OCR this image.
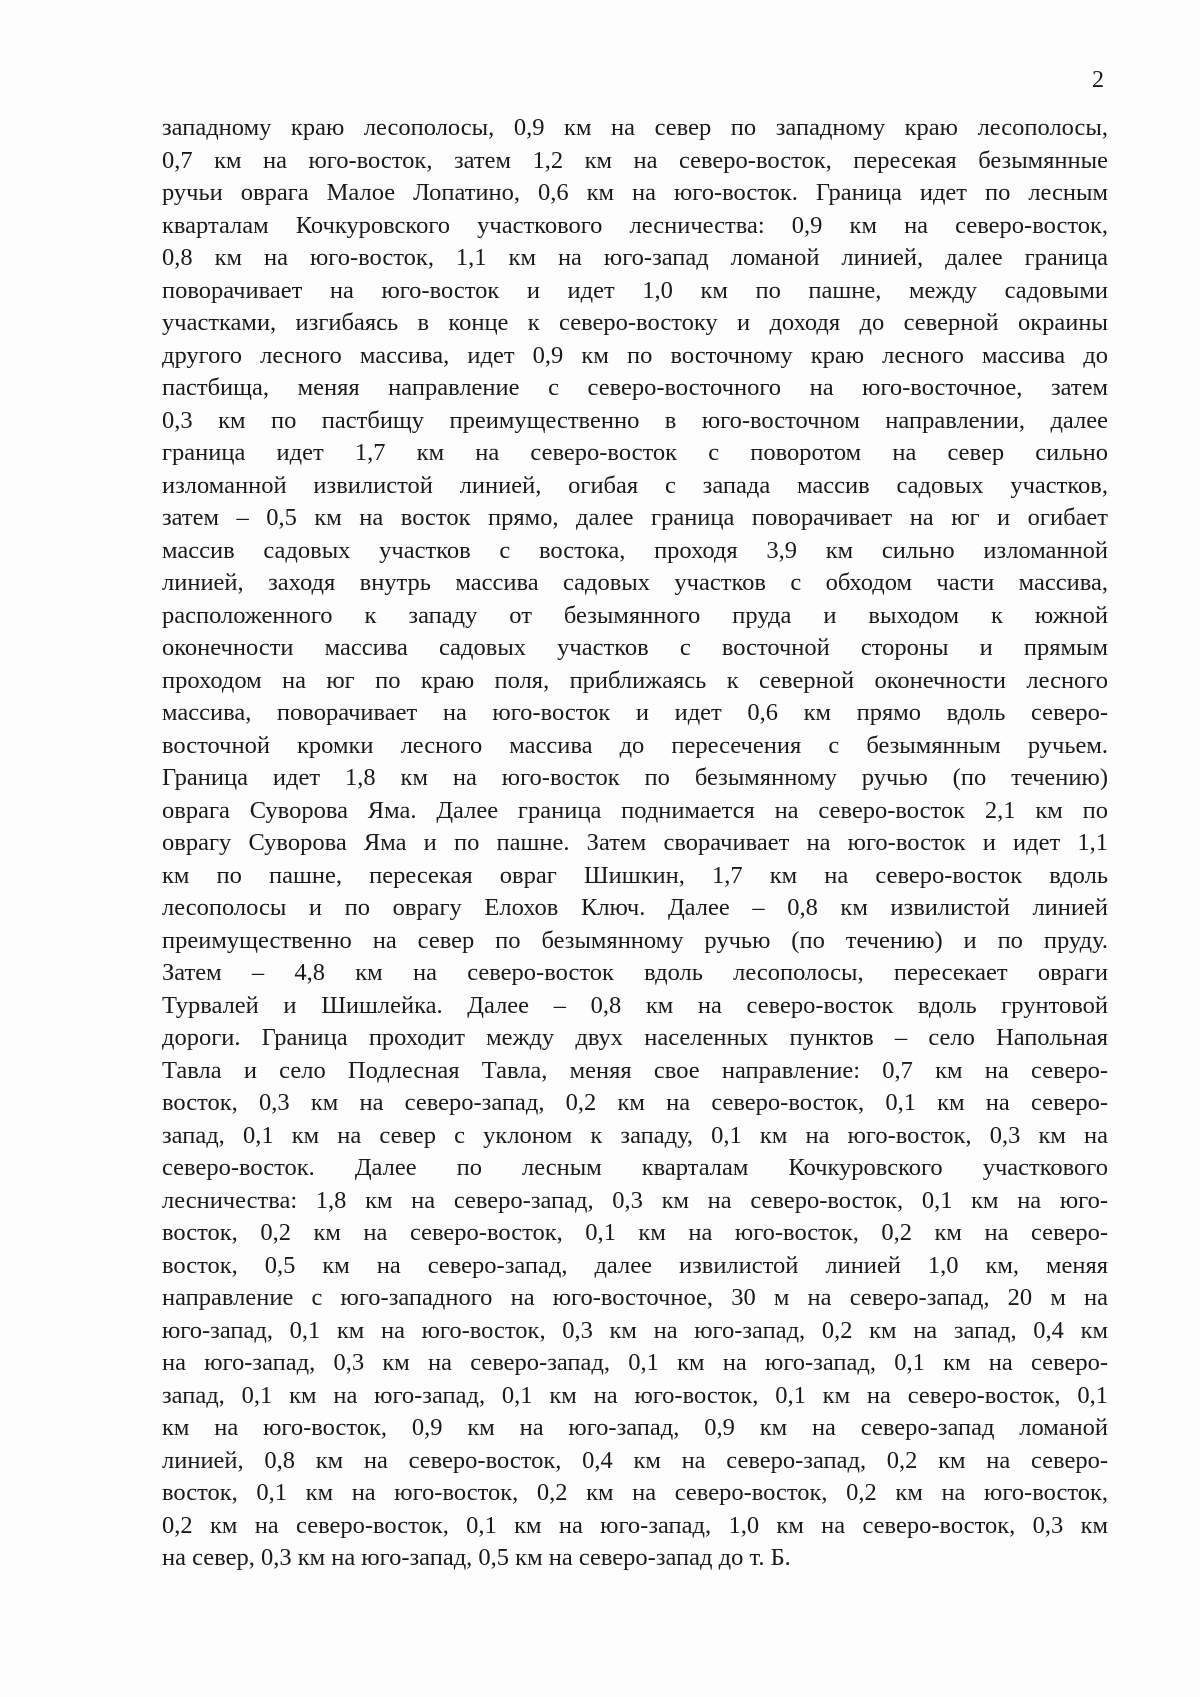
2
западному краю лесополосы, 0,9 км на север по западному краю лесополосы,
0,7 км на юго-восток, затем 1,2 км на северо-восток, пересекая безымянные
ручьи оврага Малое Лопатино, 0,6 км на юго-восток. Граница идет по лесным
кварталам Кочкуровского участкового лесничества: 0,9 км на северо-восток,
0,8 км на юго-восток, 1,1 км на юго-запад ломаной линией, далее граница
поворачивает на юго-восток и идет 1,0 км по пашне, между садовыми
участками, изгибаясь в конце к северо-востоку и доходя до северной окраины
другого лесного массива, идет 0,9 км по восточному краю лесного массива до
пастбища, меняя направление с северо-восточного на юго-восточное, затем
0,3 км по пастбищу преимущественно в юго-восточном направлении, далее
граница идет 1,7 км на северо-восток с поворотом на север сильно
изломанной извилистой линией, огибая с запада массив садовых участков,
затем – 0,5 км на восток прямо, далее граница поворачивает на юг и огибает
массив садовых участков с востока, проходя 3,9 км сильно изломанной
линией, заходя внутрь массива садовых участков с обходом части массива,
расположенного к западу от безымянного пруда и выходом к южной
оконечности массива садовых участков с восточной стороны и прямым
проходом на юг по краю поля, приближаясь к северной оконечности лесного
массива, поворачивает на юго-восток и идет 0,6 км прямо вдоль северо-
восточной кромки лесного массива до пересечения с безымянным ручьем.
Граница идет 1,8 км на юго-восток по безымянному ручью (по течению)
оврага Суворова Яма. Далее граница поднимается на северо-восток 2,1 км по
оврагу Суворова Яма и по пашне. Затем сворачивает на юго-восток и идет 1,1
км по пашне, пересекая овраг Шишкин, 1,7 км на северо-восток вдоль
лесополосы и по оврагу Елохов Ключ. Далее – 0,8 км извилистой линией
преимущественно на север по безымянному ручью (по течению) и по пруду.
Затем – 4,8 км на северо-восток вдоль лесополосы, пересекает овраги
Турвалей и Шишлейка. Далее – 0,8 км на северо-восток вдоль грунтовой
дороги. Граница проходит между двух населенных пунктов – село Напольная
Тавла и село Подлесная Тавла, меняя свое направление: 0,7 км на северо-
восток, 0,3 км на северо-запад, 0,2 км на северо-восток, 0,1 км на северо-
запад, 0,1 км на север с уклоном к западу, 0,1 км на юго-восток, 0,3 км на
северо-восток. Далее по лесным кварталам Кочкуровского участкового
лесничества: 1,8 км на северо-запад, 0,3 км на северо-восток, 0,1 км на юго-
восток, 0,2 км на северо-восток, 0,1 км на юго-восток, 0,2 км на северо-
восток, 0,5 км на северо-запад, далее извилистой линией 1,0 км, меняя
направление с юго-западного на юго-восточное, 30 м на северо-запад, 20 м на
юго-запад, 0,1 км на юго-восток, 0,3 км на юго-запад, 0,2 км на запад, 0,4 км
на юго-запад, 0,3 км на северо-запад, 0,1 км на юго-запад, 0,1 км на северо-
запад, 0,1 км на юго-запад, 0,1 км на юго-восток, 0,1 км на северо-восток, 0,1
км на юго-восток, 0,9 км на юго-запад, 0,9 км на северо-запад ломаной
линией, 0,8 км на северо-восток, 0,4 км на северо-запад, 0,2 км на северо-
восток, 0,1 км на юго-восток, 0,2 км на северо-восток, 0,2 км на юго-восток,
0,2 км на северо-восток, 0,1 км на юго-запад, 1,0 км на северо-восток, 0,3 км
на север, 0,3 км на юго-запад, 0,5 км на северо-запад до т. Б.
